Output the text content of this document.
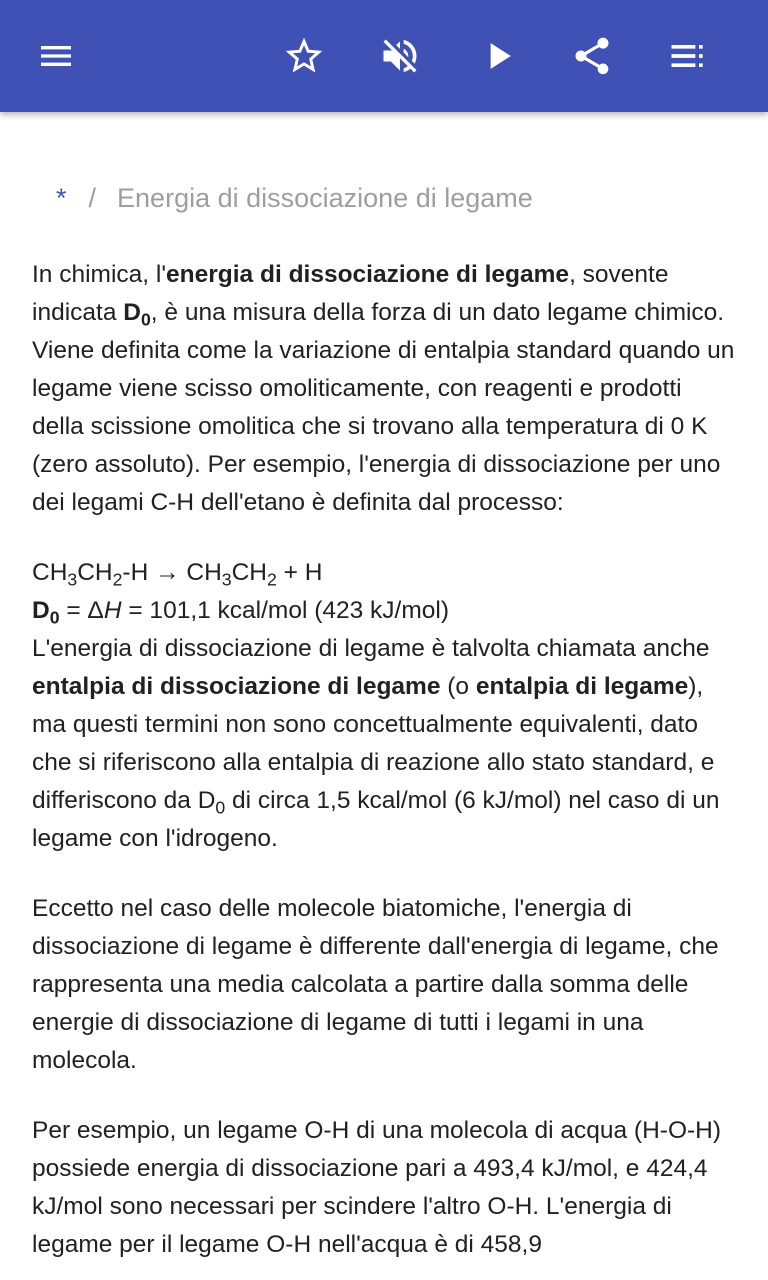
* / Energia di dissociazione di legame

In chimica, l'energia di dissociazione di legame, sovente indicata $D_0$, è una misura della forza di un dato legame chimico. Viene definita come la variazione di entalpia standard quando un legame viene scisso omoliticamente, con reagenti e prodotti della scissione omolitica che si trovano alla temperatura di 0 K (zero assoluto). Per esempio, l'energia di dissociazione per uno dei legami C-H dell'etano è definita dal processo:

$CH_3CH_2-H \to CH_3CH_2 + H$

$D_0 = \Delta H = 101,1$ kcal/mol (423 kJ/mol)

L'energia di dissociazione di legame è talvolta chiamata anche entalpia di dissociazione di legame (o entalpia di legame), ma questi termini non sono concettualmente equivalenti, dato che si riferiscono alla entalpia di reazione allo stato standard, e differiscono da $D_0$ di circa 1,5 kcal/mol (6 kJ/mol) nel caso di un legame con l'idrogeno.

Eccetto nel caso delle molecole biatomiche, l'energia di dissociazione di legame è differente dall'energia di legame, che rappresenta una media calcolata a partire dalla somma delle energie di dissociazione di legame di tutti i legami in una molecola.

Per esempio, un legame O-H di una molecola di acqua (H-O-H) possiede energia di dissociazione pari a 493,4 kJ/mol, e 424,4 kJ/mol sono necessari per scindere l'altro O-H. L'energia di legame per il legame O-H nell'acqua è di 458,9
